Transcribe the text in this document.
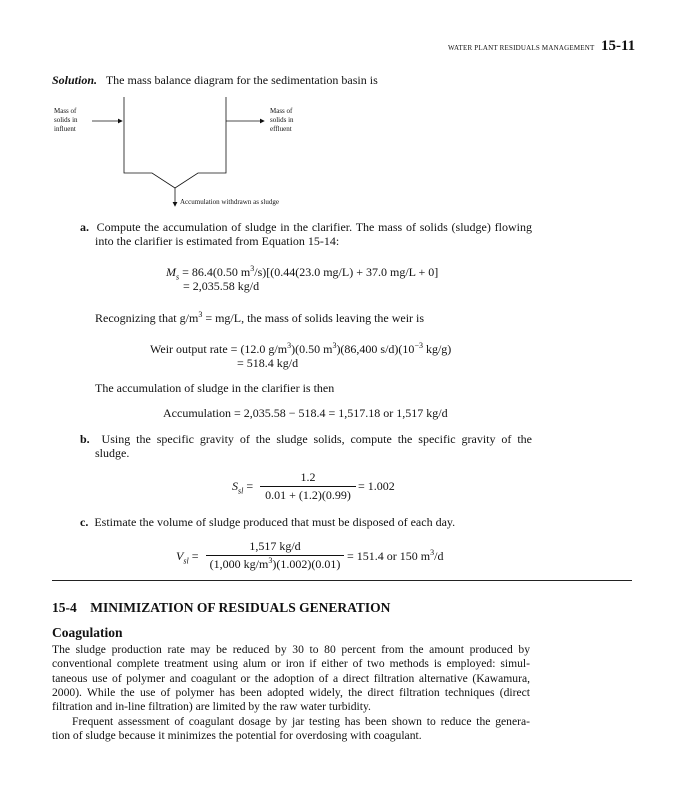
WATER PLANT RESIDUALS MANAGEMENT 15-11
Solution. The mass balance diagram for the sedimentation basin is
Mass of
solids in
influent
Mass of
solids in
effluent
Accumulation withdrawn as sludge
a. Compute the accumulation of sludge in the clarifier. The mass of solids (sludge) flowing
into the clarifier is estimated from Equation 15-14:
$M_s = 86.4(0.50$ $m^3/s)[(0.44(23.0$ mg/L) + 37.0 mg/L + 0]
= 2,035.58 kg/d
Recognizing that $g/m^3 = mg/L$, the mass of solids leaving the weir is
Weir output rate = (12.0 $g/m^3)(0.50$ $m^3)(86,400$ $s/d)(10^{-3}$ kg/g)
= 518.4 kg/d
The accumulation of sludge in the clarifier is then
Accumulation = 2,035.58 − 518.4 = 1,517.18 or 1,517 kg/d
b. Using the specific gravity of the sludge solids, compute the specific gravity of the
sludge.
$S_{sl} = \frac{1.2}{0.01 + (1.2)(0.99)} = 1.002$
c. Estimate the volume of sludge produced that must be disposed of each day.
$V_{sl} = \frac{1,517 kg/d}{(1,000 kg/m^3)(1.002)(0.01)} = 151.4$ or 150 $m^3/d$
15-4 MINIMIZATION OF RESIDUALS GENERATION
Coagulation
The sludge production rate may be reduced by 30 to 80 percent from the amount produced by
conventional complete treatment using alum or iron if either of two methods is employed: simul-
taneous use of polymer and coagulant or the adoption of a direct filtration alternative (Kawamura,
2000). While the use of polymer has been adopted widely, the direct filtration techniques (direct
filtration and in-line filtration) are limited by the raw water turbidity.
Frequent assessment of coagulant dosage by jar testing has been shown to reduce the genera-
tion of sludge because it minimizes the potential for overdosing with coagulant.
